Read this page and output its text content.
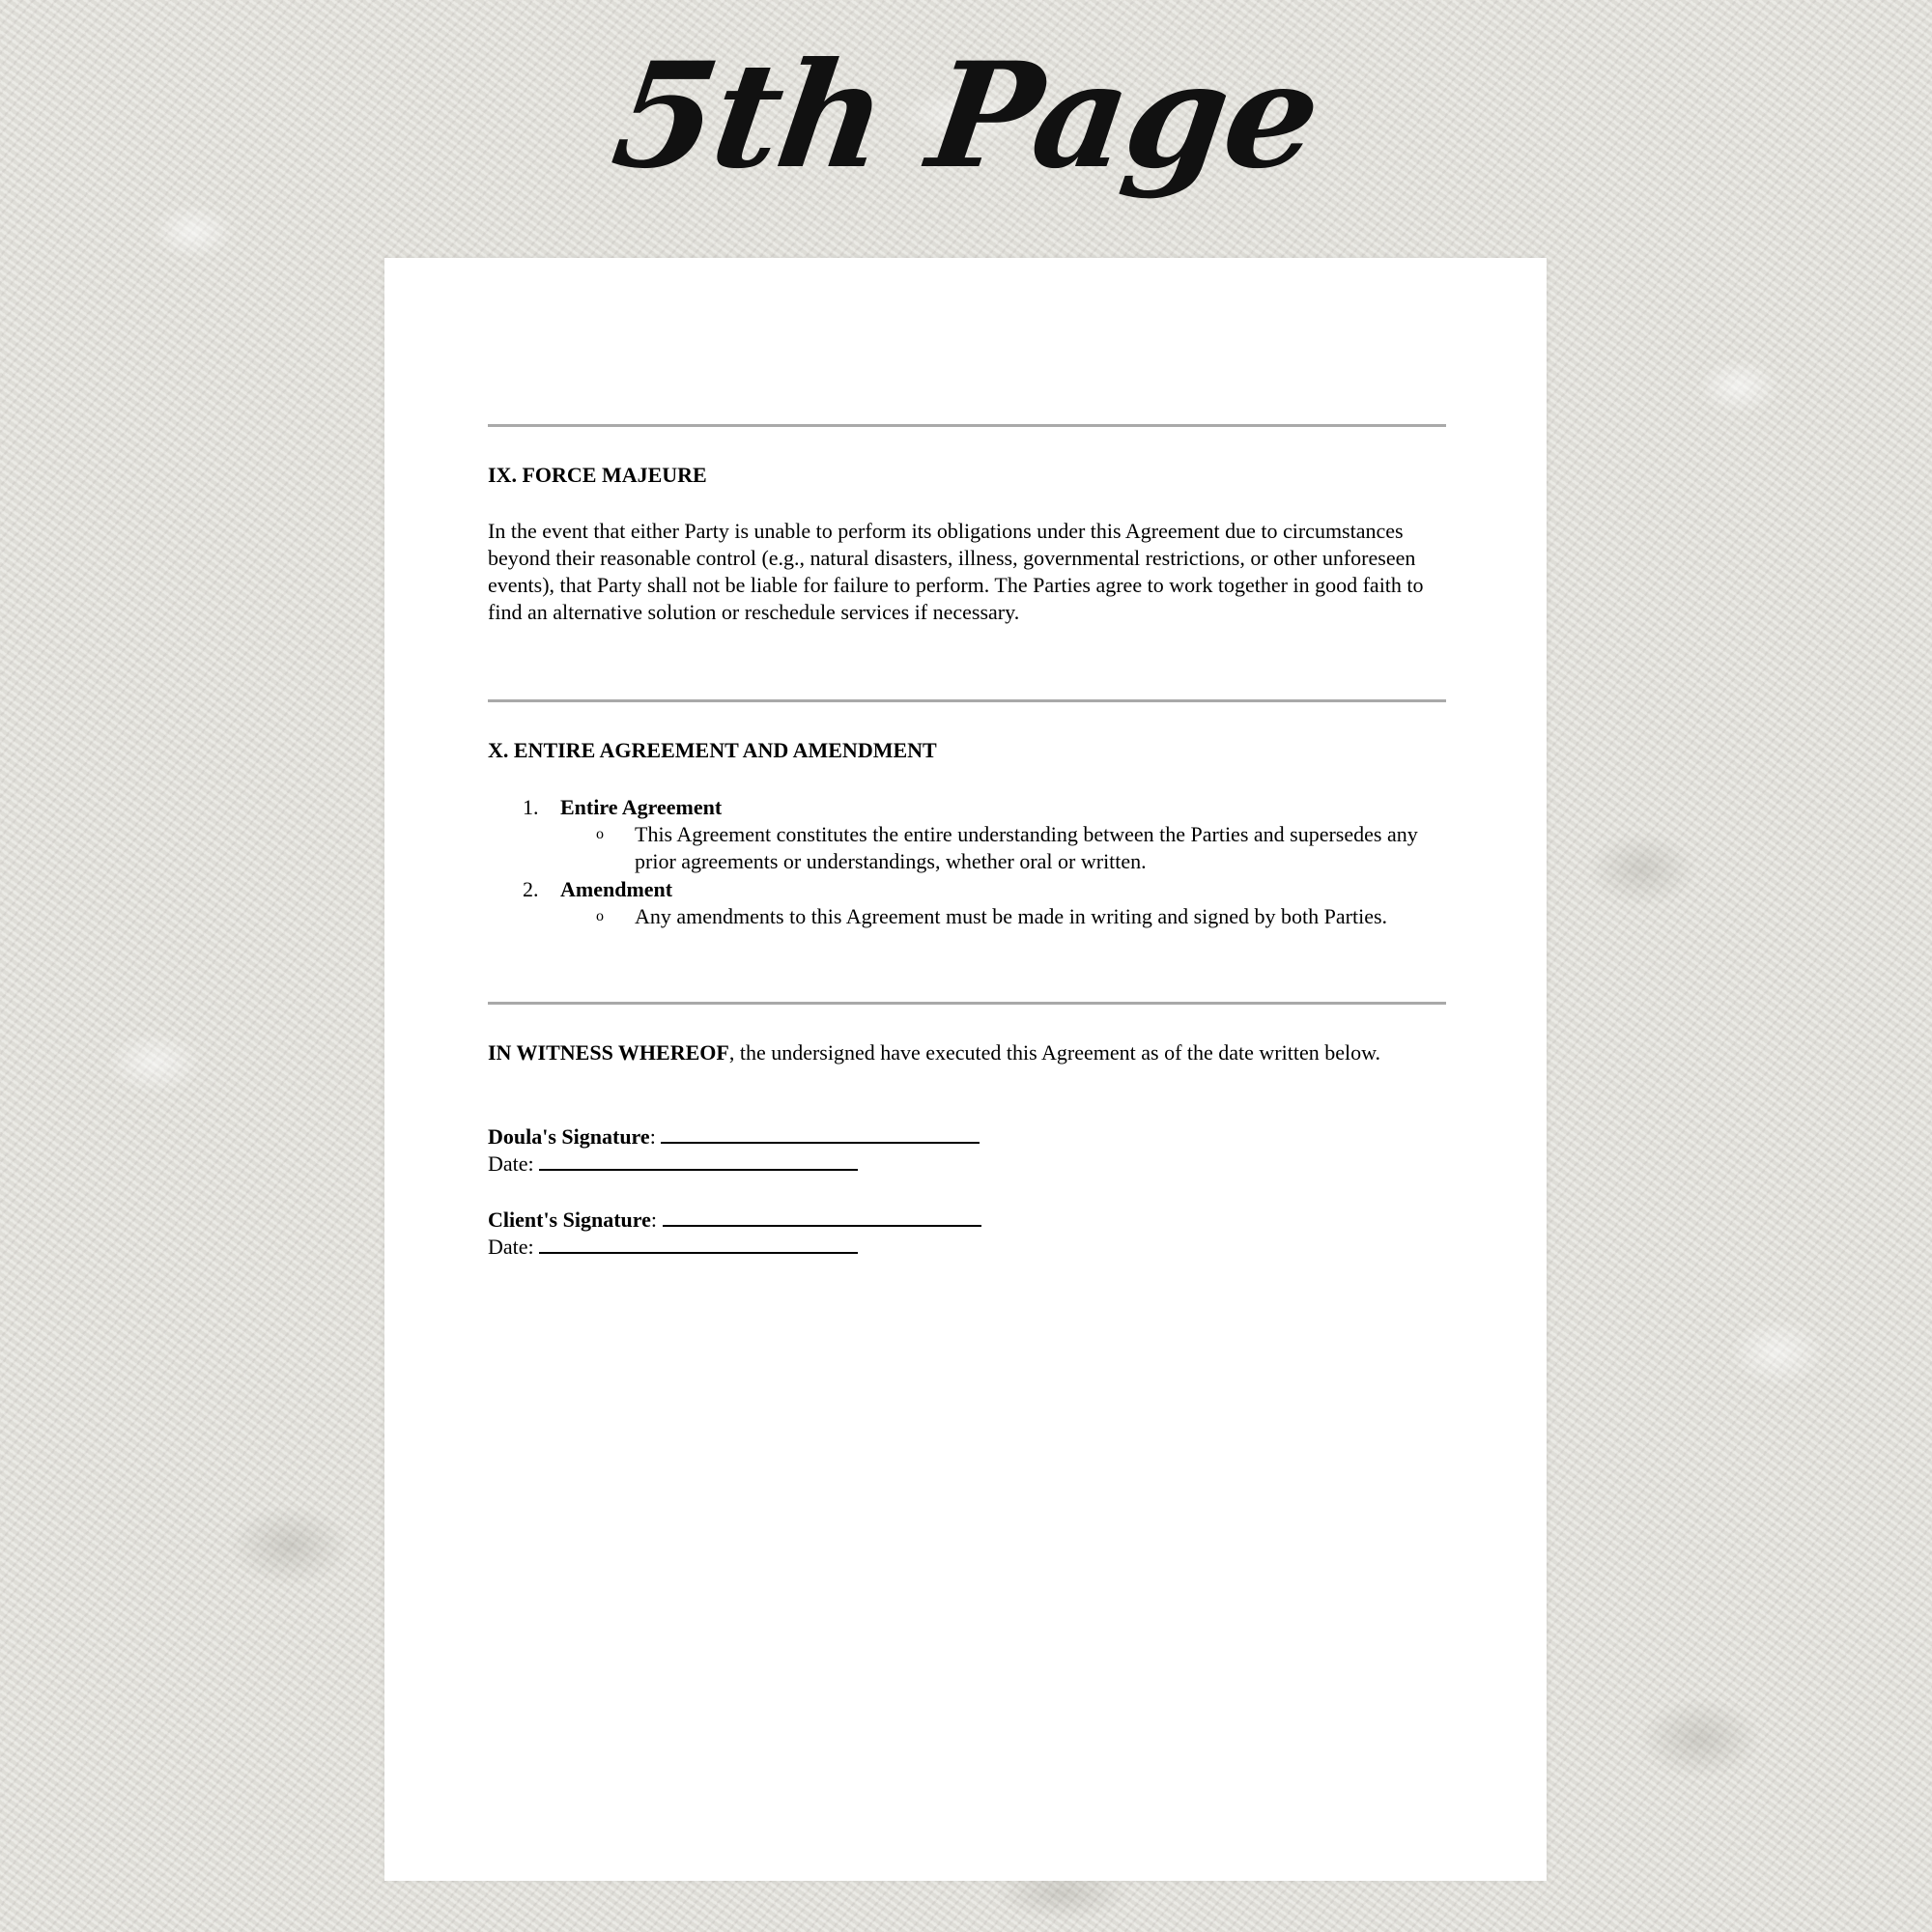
5th Page
IX. FORCE MAJEURE

In the event that either Party is unable to perform its obligations under this Agreement due to circumstances beyond their reasonable control (e.g., natural disasters, illness, governmental restrictions, or other unforeseen events), that Party shall not be liable for failure to perform. The Parties agree to work together in good faith to find an alternative solution or reschedule services if necessary.

X. ENTIRE AGREEMENT AND AMENDMENT
1. Entire Agreement
o This Agreement constitutes the entire understanding between the Parties and supersedes any prior agreements or understandings, whether oral or written.
2. Amendment
o Any amendments to this Agreement must be made in writing and signed by both Parties.

IN WITNESS WHEREOF, the undersigned have executed this Agreement as of the date written below.

Doula's Signature:
Date:
Client's Signature:
Date:
